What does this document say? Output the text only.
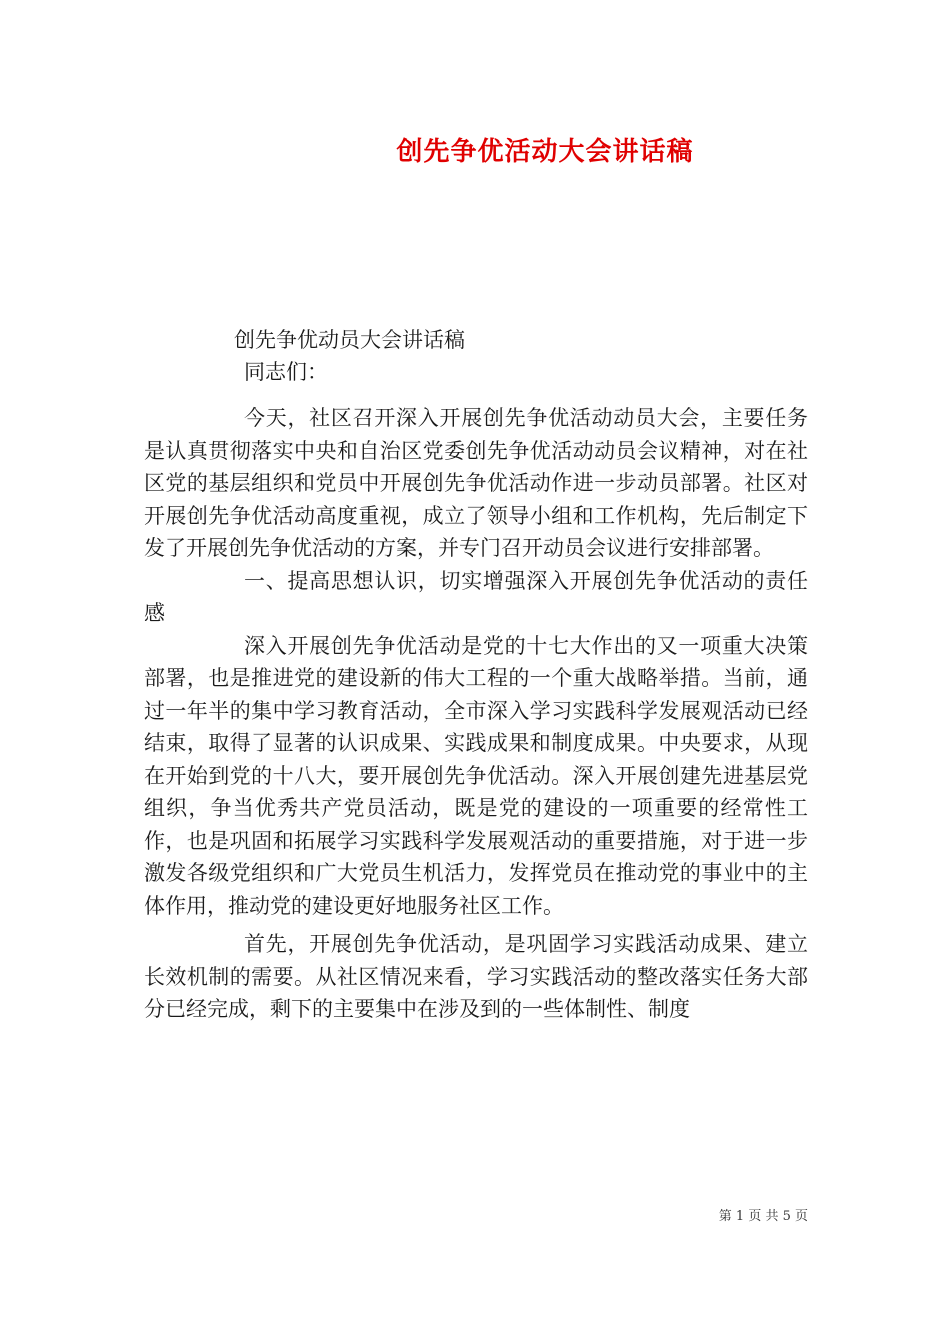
创先争优活动大会讲话稿

创先争优动员大会讲话稿

同志们：

今天，社区召开深入开展创先争优活动动员大会，主要任务是认真贯彻落实中央和自治区党委创先争优活动动员会议精神，对在社区党的基层组织和党员中开展创先争优活动作进一步动员部署。社区对开展创先争优活动高度重视，成立了领导小组和工作机构，先后制定下发了开展创先争优活动的方案，并专门召开动员会议进行安排部署。

一、提高思想认识，切实增强深入开展创先争优活动的责任感

深入开展创先争优活动是党的十七大作出的又一项重大决策部署，也是推进党的建设新的伟大工程的一个重大战略举措。当前，通过一年半的集中学习教育活动，全市深入学习实践科学发展观活动已经结束，取得了显著的认识成果、实践成果和制度成果。中央要求，从现在开始到党的十八大，要开展创先争优活动。深入开展创建先进基层党组织，争当优秀共产党员活动，既是党的建设的一项重要的经常性工作，也是巩固和拓展学习实践科学发展观活动的重要措施，对于进一步激发各级党组织和广大党员生机活力，发挥党员在推动党的事业中的主体作用，推动党的建设更好地服务社区工作。

首先，开展创先争优活动，是巩固学习实践活动成果、建立长效机制的需要。从社区情况来看，学习实践活动的整改落实任务大部分已经完成，剩下的主要集中在涉及到的一些体制性、制度

第 1 页 共 5 页
